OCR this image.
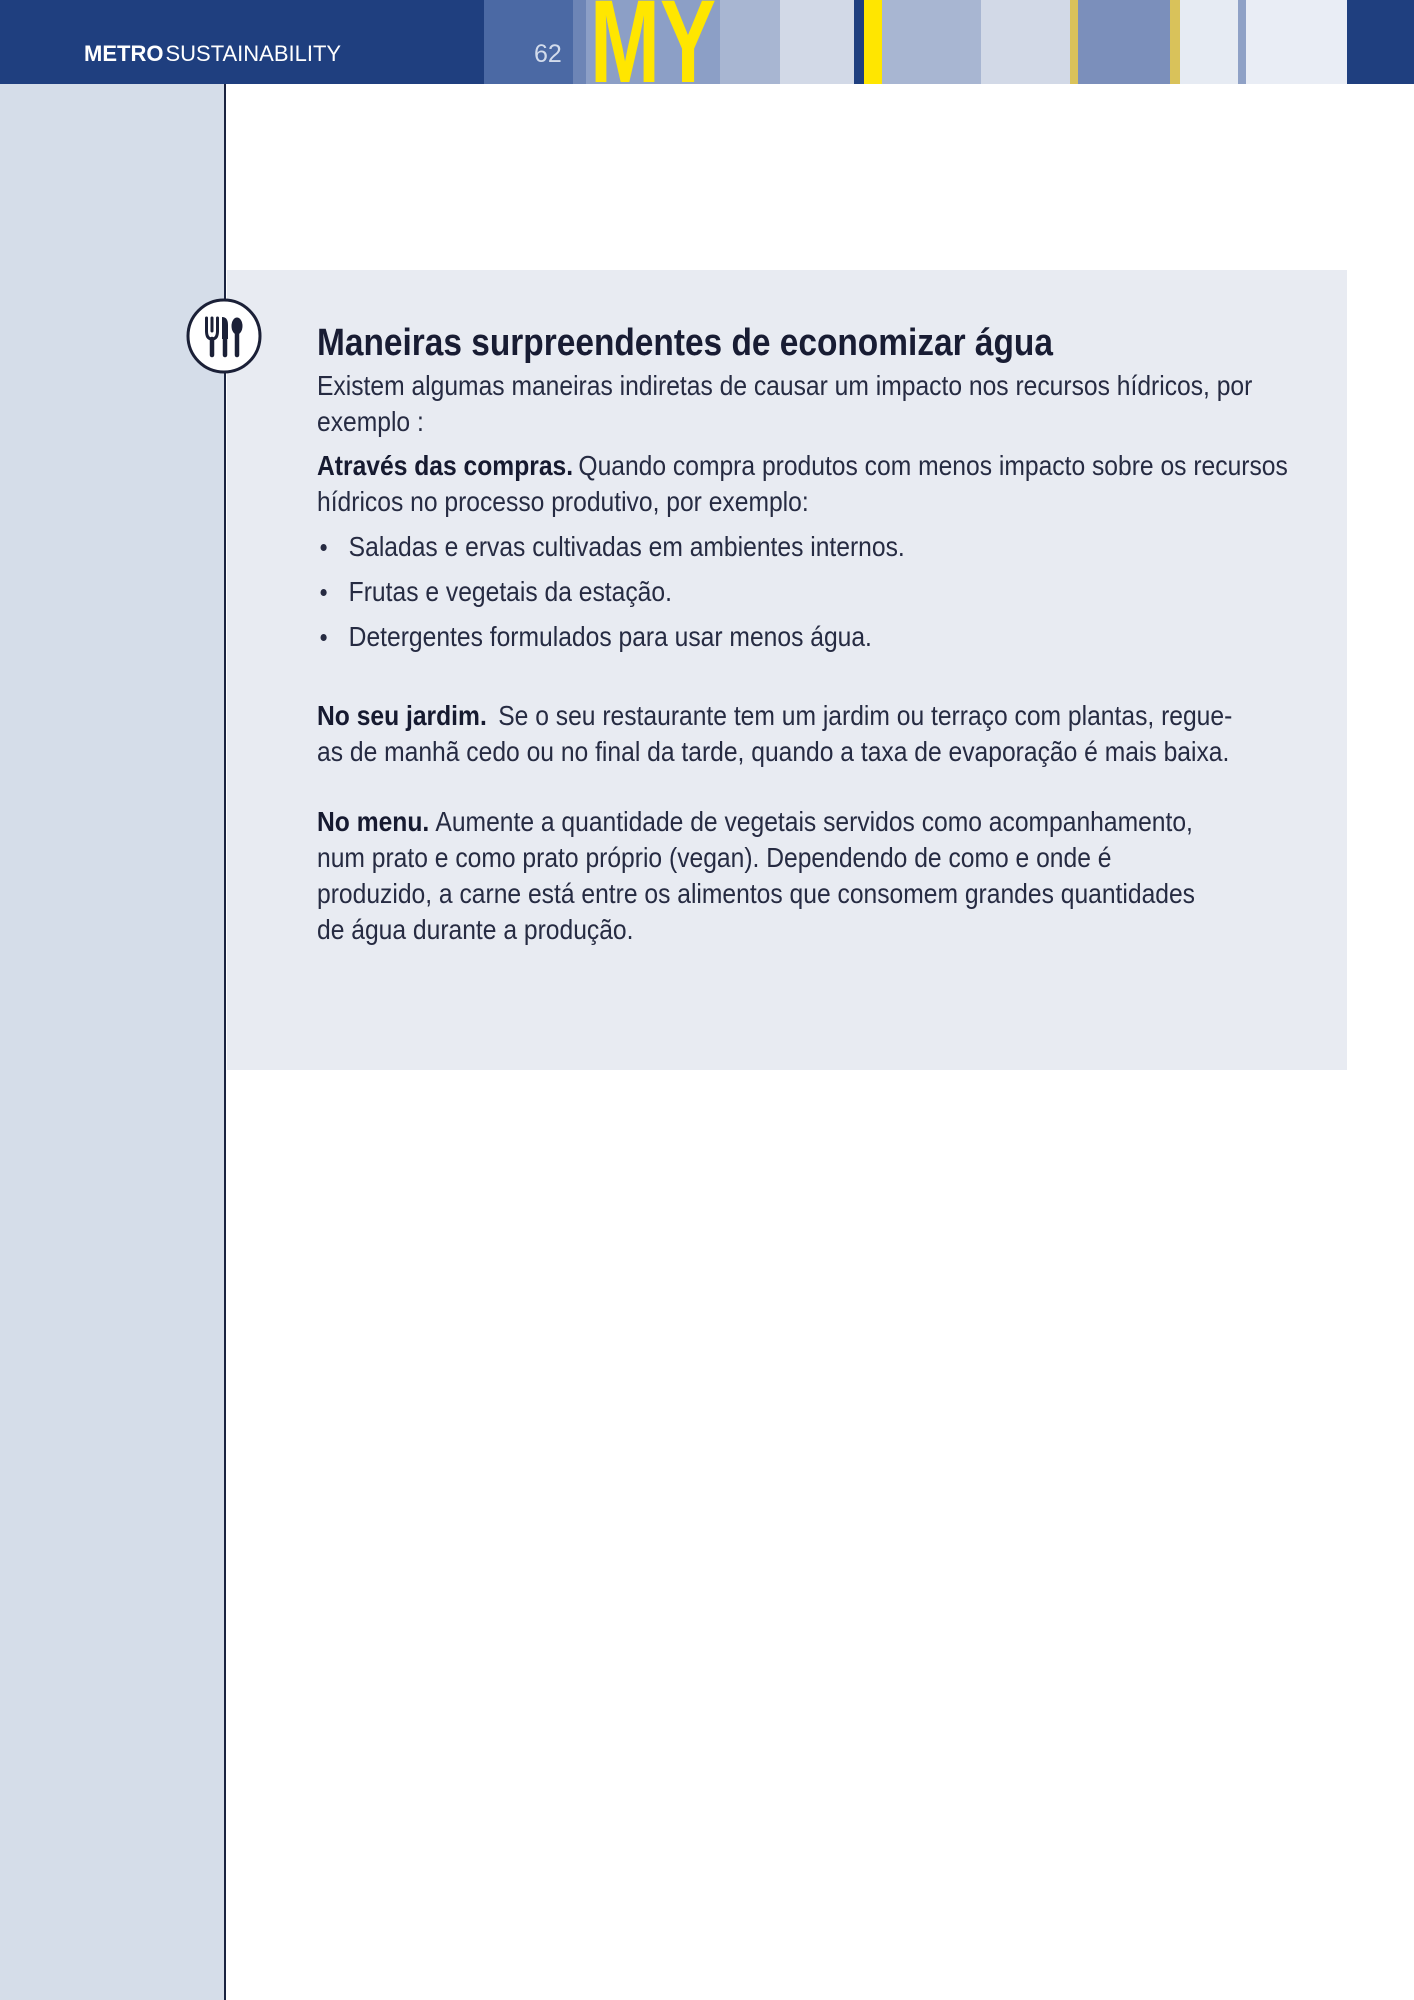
METROSUSTAINABILITY	62 MY
Maneiras surpreendentes de economizar água
Existem algumas maneiras indiretas de causar um impacto nos recursos hídricos, por
exemplo :
Através das compras. Quando compra produtos com menos impacto sobre os recursos
hídricos no processo produtivo, por exemplo:
Saladas e ervas cultivadas em ambientes internos.
Frutas e vegetais da estação.
Detergentes formulados para usar menos água.
No seu jardim. Se o seu restaurante tem um jardim ou terraço com plantas, regue-
as de manhã cedo ou no final da tarde, quando a taxa de evaporação é mais baixa.
No menu. Aumente a quantidade de vegetais servidos como acompanhamento,
num prato e como prato próprio (vegan). Dependendo de como e onde é
produzido, a carne está entre os alimentos que consomem grandes quantidades
de água durante a produção.
